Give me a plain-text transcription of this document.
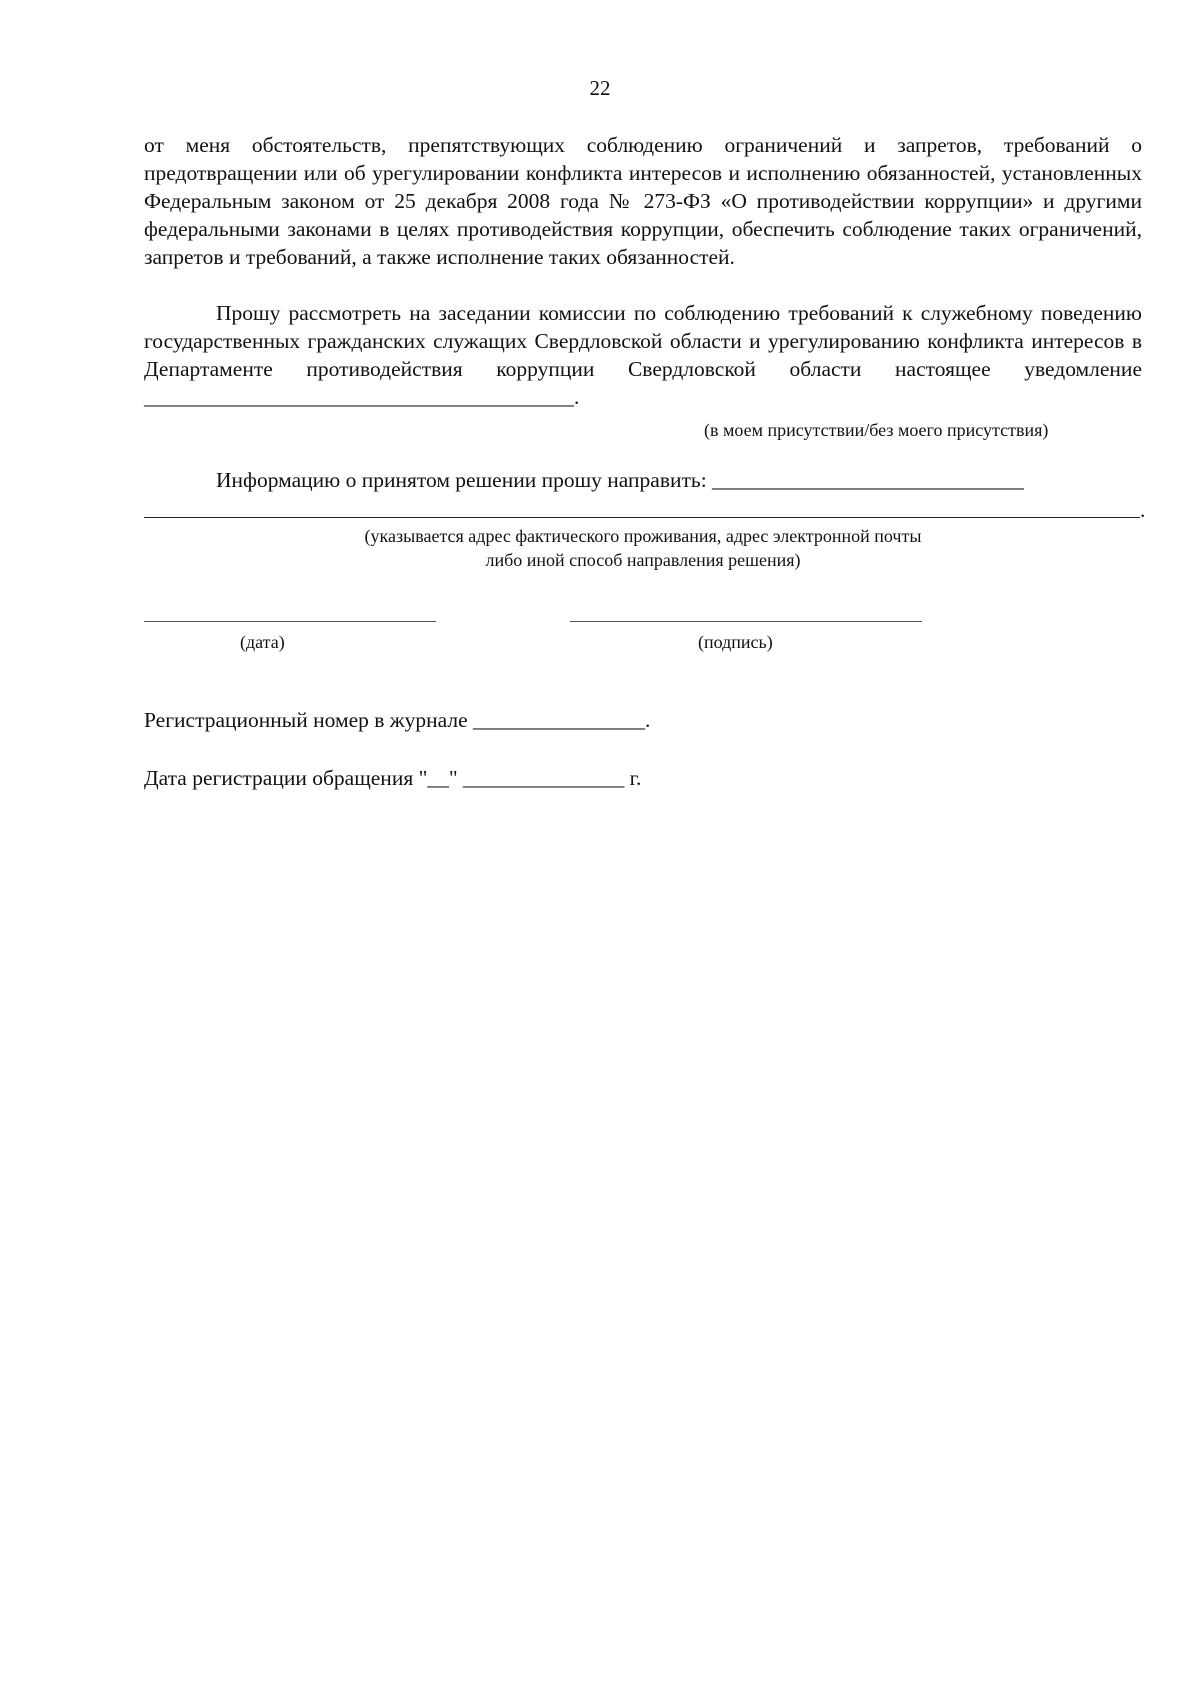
22
от меня обстоятельств, препятствующих соблюдению ограничений и запретов, требований о предотвращении или об урегулировании конфликта интересов и исполнению обязанностей, установленных Федеральным законом от 25 декабря 2008 года № 273-ФЗ «О противодействии коррупции» и другими федеральными законами в целях противодействия коррупции, обеспечить соблюдение таких ограничений, запретов и требований, а также исполнение таких обязанностей.
Прошу рассмотреть на заседании комиссии по соблюдению требований к служебному поведению государственных гражданских служащих Свердловской области и урегулированию конфликта интересов в Департаменте противодействия коррупции Свердловской области настоящее уведомление ________________________________________.
(в моем присутствии/без моего присутствия)
Информацию о принятом решении прошу направить: _____________________________
.
(указывается адрес фактического проживания, адрес электронной почты
либо иной способ направления решения)
(дата)	(подпись)
Регистрационный номер в журнале ________________.
Дата регистрации обращения "__" _______________ г.
